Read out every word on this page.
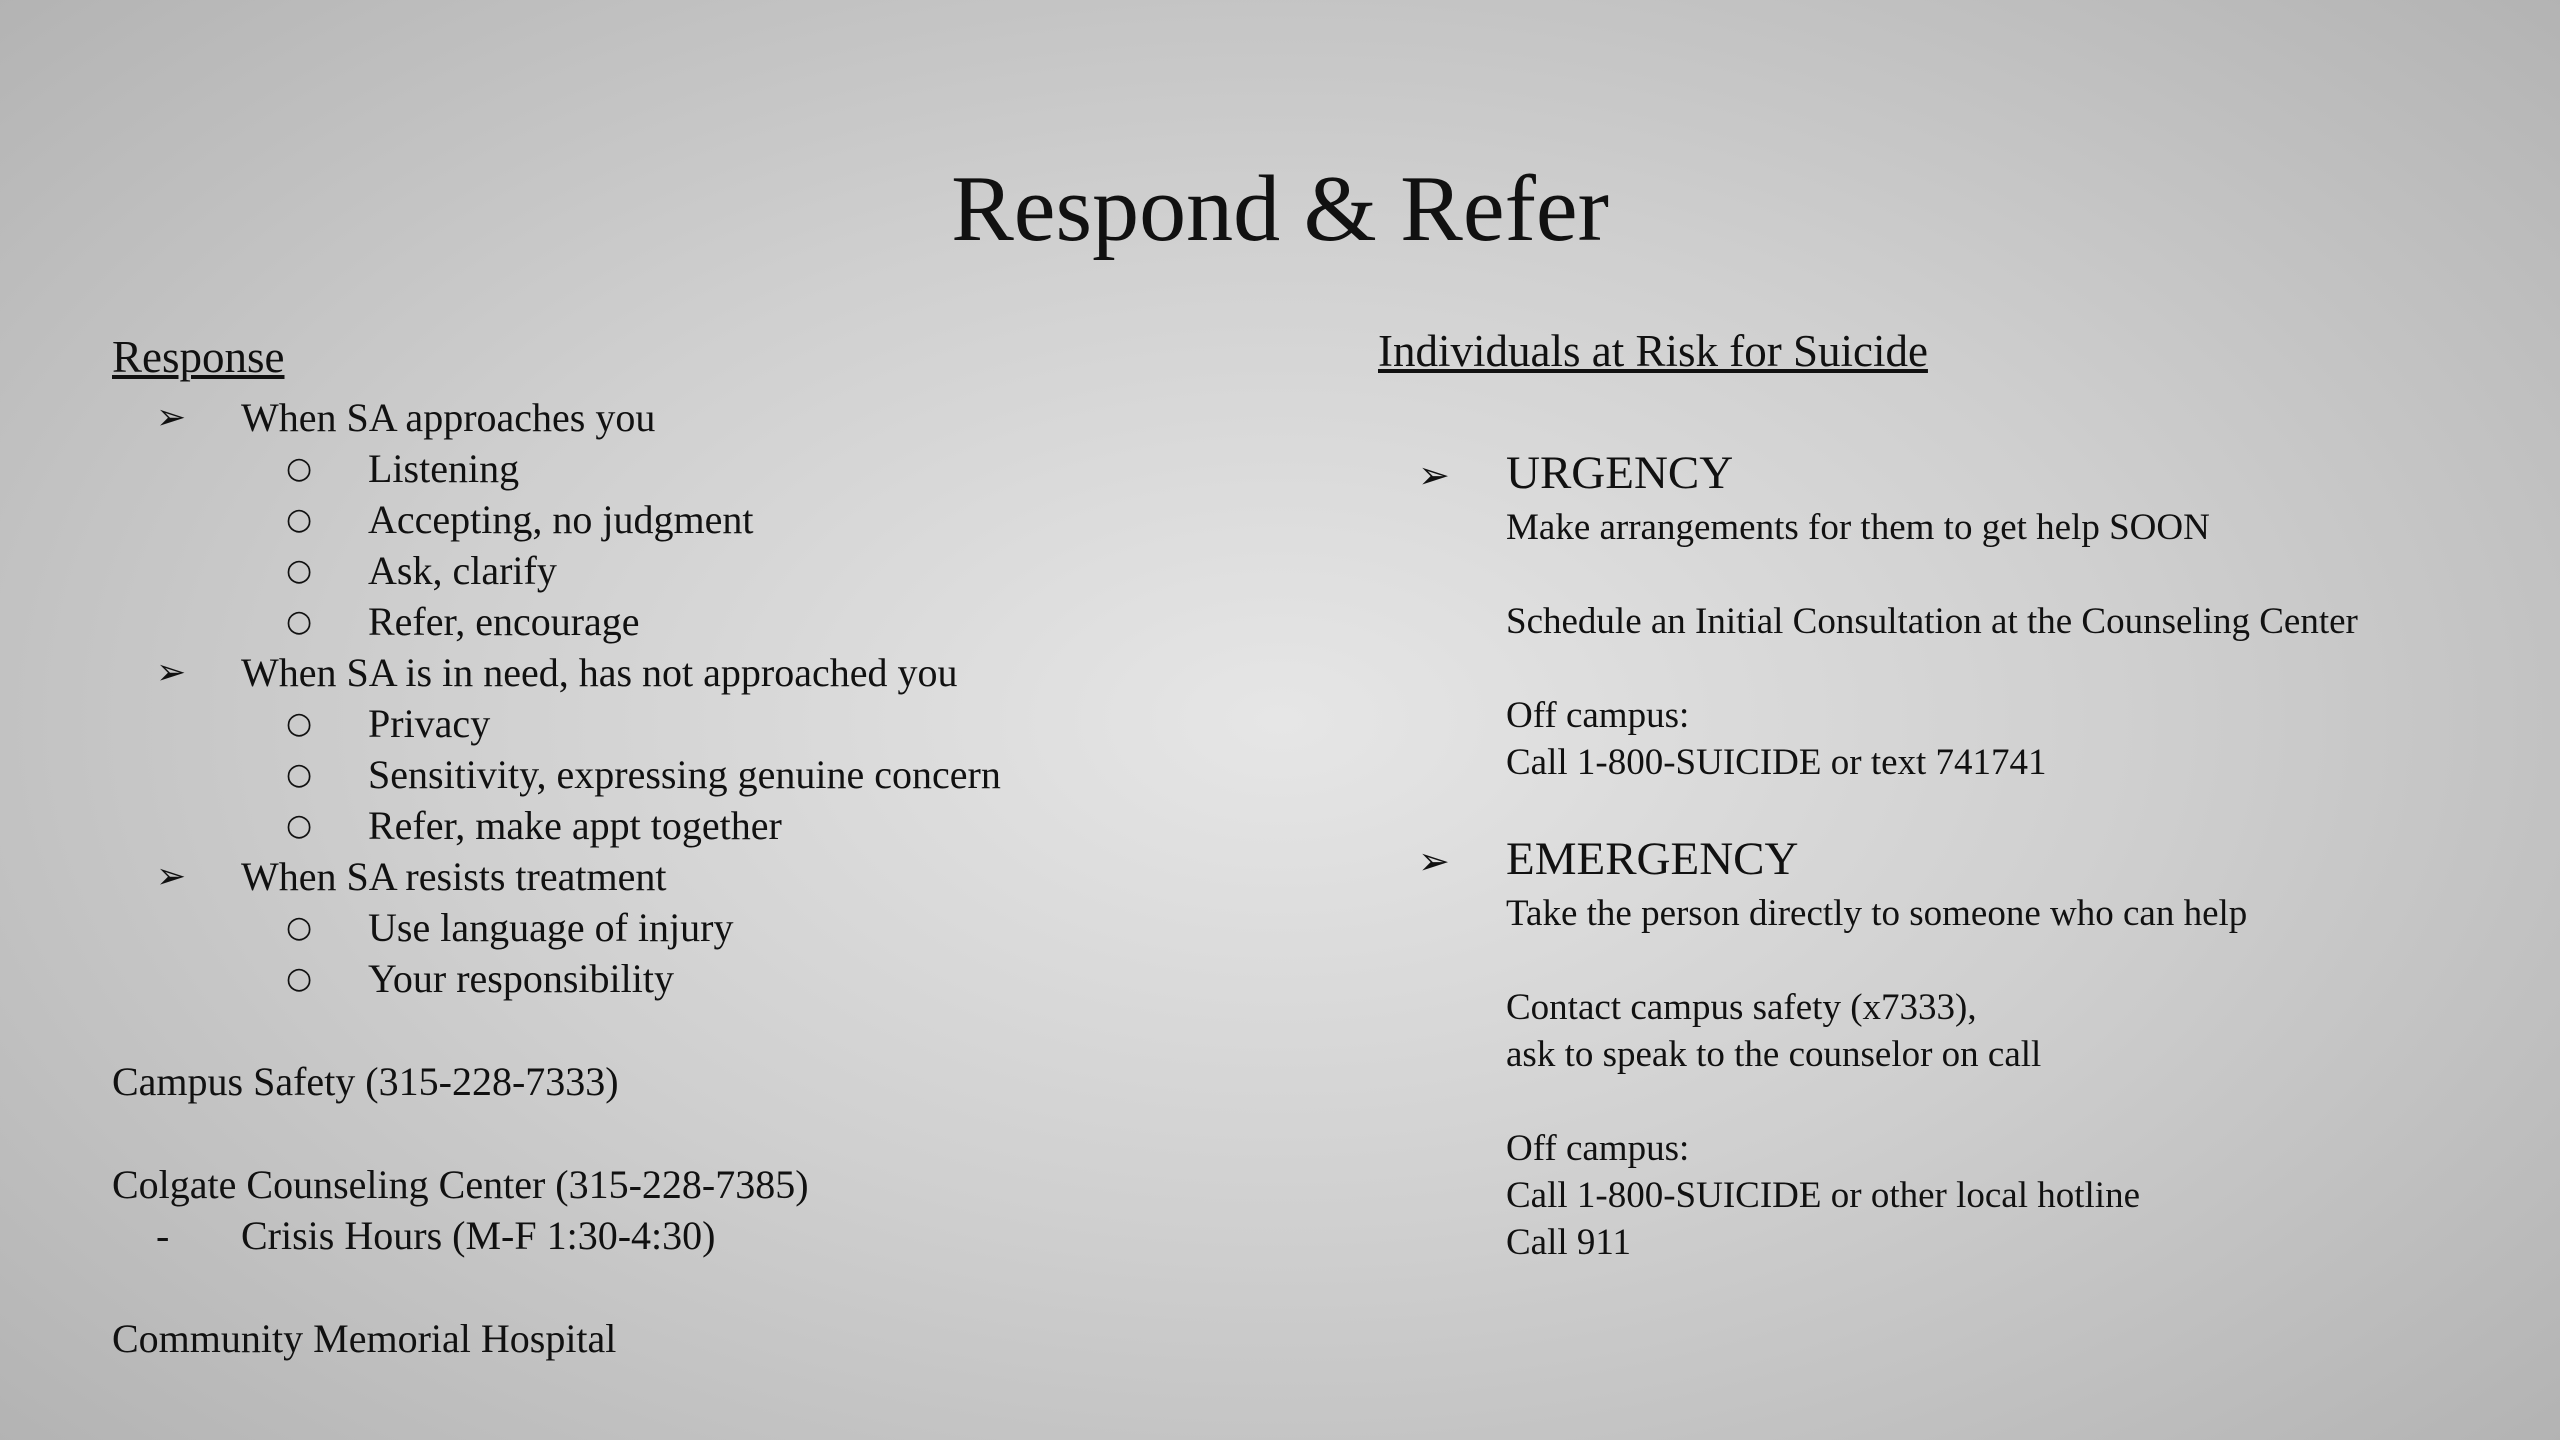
Respond & Refer
Response
➢ When SA approaches you
○ Listening
○ Accepting, no judgment
○ Ask, clarify
○ Refer, encourage
➢ When SA is in need, has not approached you
○ Privacy
○ Sensitivity, expressing genuine concern
○ Refer, make appt together
➢ When SA resists treatment
○ Use language of injury
○ Your responsibility
Campus Safety (315-228-7333)
Colgate Counseling Center (315-228-7385)
- Crisis Hours (M-F 1:30-4:30)
Community Memorial Hospital
Individuals at Risk for Suicide
➢ URGENCY
Make arrangements for them to get help SOON
Schedule an Initial Consultation at the Counseling Center
Off campus:
Call 1-800-SUICIDE or text 741741
➢ EMERGENCY
Take the person directly to someone who can help
Contact campus safety (x7333),
ask to speak to the counselor on call
Off campus:
Call 1-800-SUICIDE or other local hotline
Call 911
